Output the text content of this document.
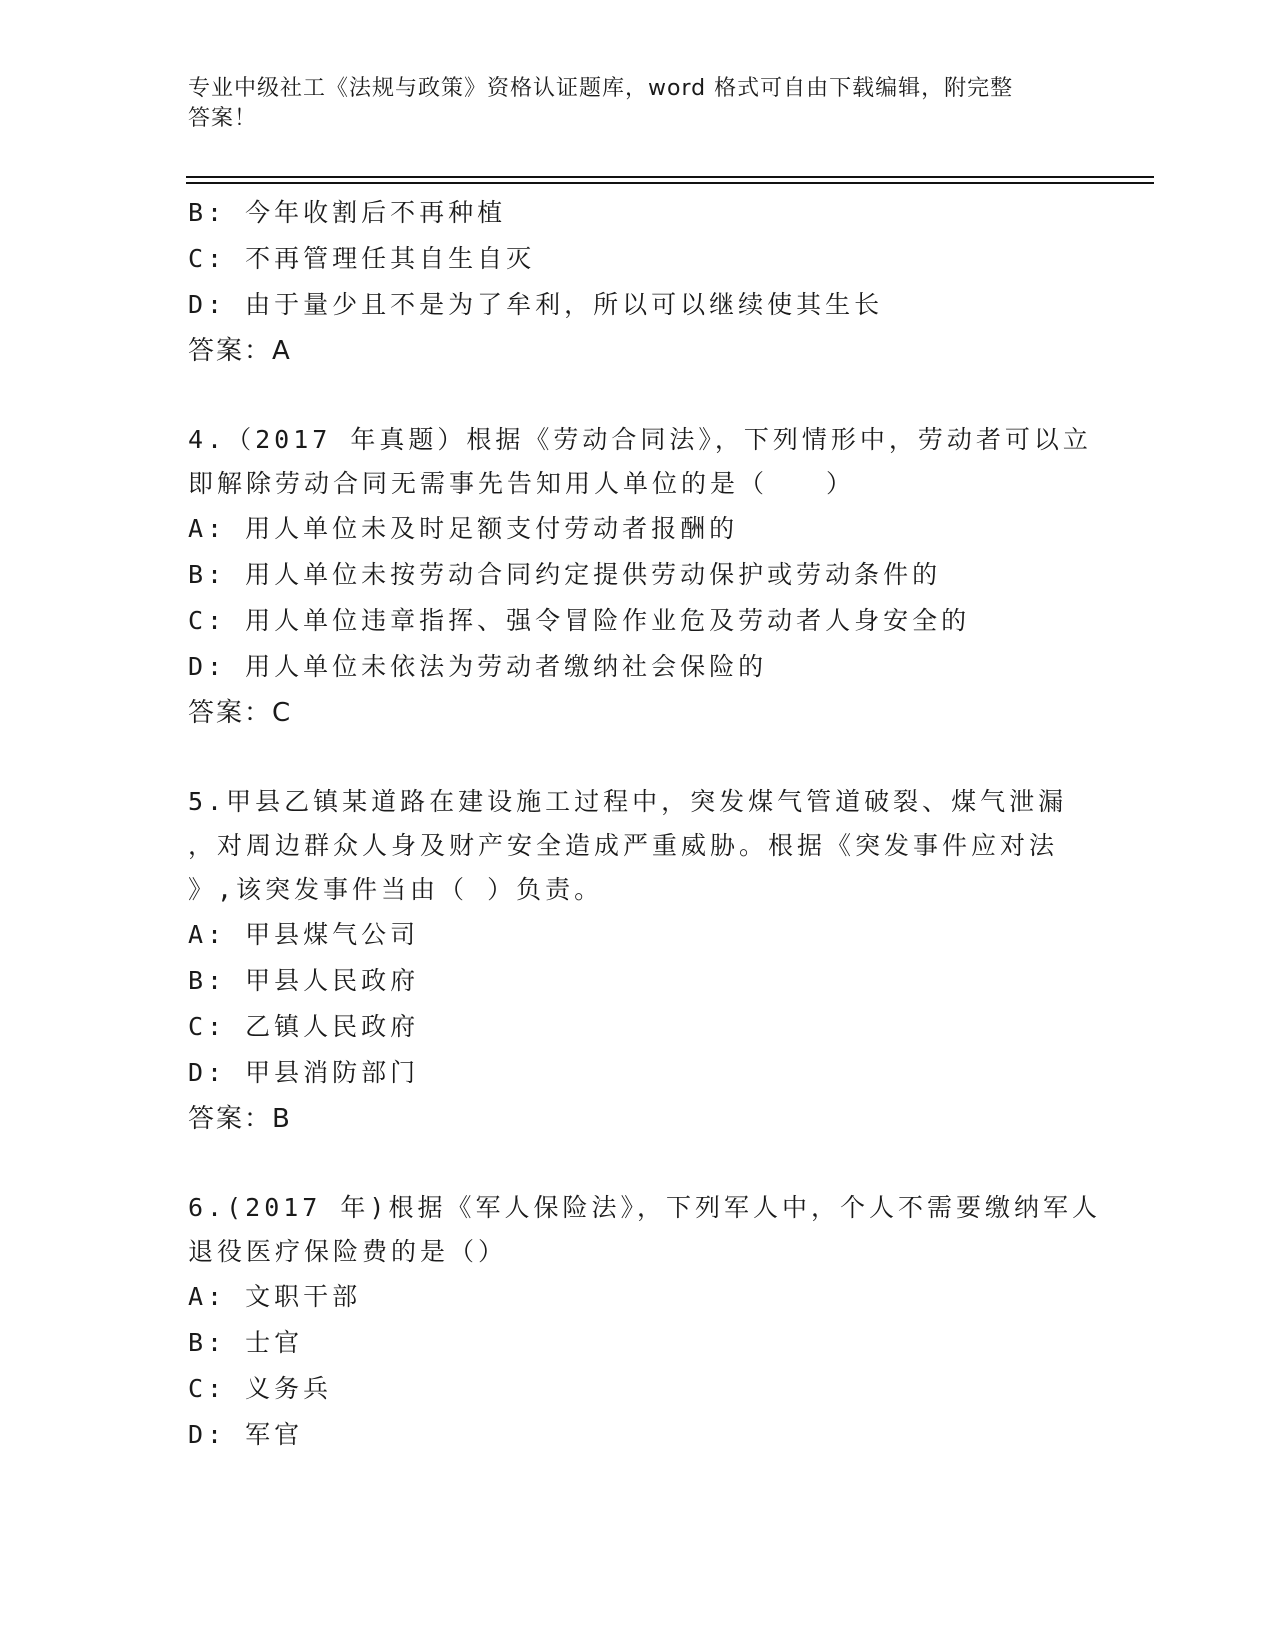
专业中级社工《法规与政策》资格认证题库，word 格式可自由下载编辑，附完整
答案！
B: 今年收割后不再种植
C: 不再管理任其自生自灭
D: 由于量少且不是为了牟利，所以可以继续使其生长
答案：A
4.（2017 年真题）根据《劳动合同法》，下列情形中，劳动者可以立
即解除劳动合同无需事先告知用人单位的是（　　）
A: 用人单位未及时足额支付劳动者报酬的
B: 用人单位未按劳动合同约定提供劳动保护或劳动条件的
C: 用人单位违章指挥、强令冒险作业危及劳动者人身安全的
D: 用人单位未依法为劳动者缴纳社会保险的
答案：C
5.甲县乙镇某道路在建设施工过程中，突发煤气管道破裂、煤气泄漏
，对周边群众人身及财产安全造成严重威胁。根据《突发事件应对法
》,该突发事件当由（ ）负责。
A: 甲县煤气公司
B: 甲县人民政府
C: 乙镇人民政府
D: 甲县消防部门
答案：B
6.(2017 年)根据《军人保险法》，下列军人中，个人不需要缴纳军人
退役医疗保险费的是（）
A: 文职干部
B: 士官
C: 义务兵
D: 军官
